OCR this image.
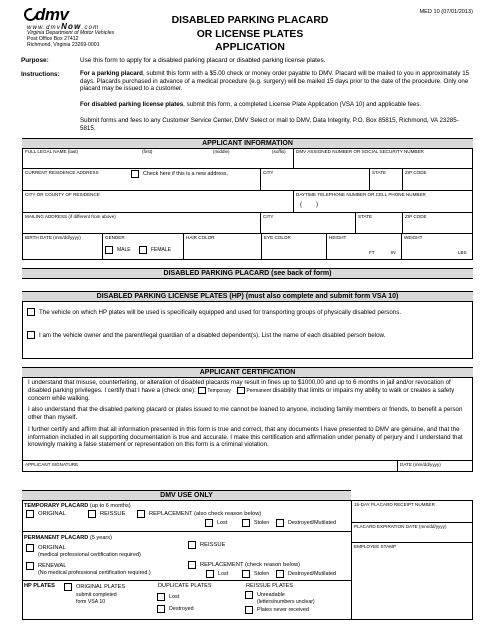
dmv
www.dmvNow.com
Virginia Department of Motor Vehicles
Post Office Box 27412
Richmond, Virginia 23269-0001
MED 10 (07/01/2013)
DISABLED PARKING PLACARD
OR LICENSE PLATES
APPLICATION
Purpose:	Use this form to apply for a disabled parking placard or disabled parking license plates.
Instructions:	For a parking placard, submit this form with a $5.00 check or money order payable to DMV. Placard will be mailed to you in approximately 15 days. Placards purchased in advance of a medical procedure (e.g. surgery) will be mailed 15 days prior to the date of the procedure. Only one placard may be issued to a customer.
For disabled parking license plates, submit this form, a completed License Plate Application (VSA 10) and applicable fees.
Submit forms and fees to any Customer Service Center, DMV Select or mail to DMV, Data Integrity, P.O. Box 85815, Richmond, VA 23285-5815.
APPLICANT INFORMATION
FULL LEGAL NAME (last)	(first)	(middle)	(suffix) DMV ASSIGNED NUMBER OR SOCIAL SECURITY NUMBER
CURRENT RESIDENCE ADDRESS	Check here if this is a new address.	CITY	STATE	ZIP CODE
CITY OR COUNTY OF RESIDENCE	DAYTIME TELEPHONE NUMBER OR CELL PHONE NUMBER
( )
MAILING ADDRESS (if different from above)	CITY	STATE	ZIP CODE
BIRTH DATE (mm/dd/yyyy)	GENDER
MALE	FEMALE
HAIR COLOR	EYE COLOR	HEIGHT
FT	IN
WEIGHT
LBS
DISABLED PARKING PLACARD (see back of form)
DISABLED PARKING LICENSE PLATES (HP) (must also complete and submit form VSA 10)
The vehicle on which HP plates will be used is specifically equipped and used for transporting groups of physically disabled persons.
I am the vehicle owner and the parent/legal guardian of a disabled dependent(s). List the name of each disabled person below.
APPLICANT CERTIFICATION
I understand that misuse, counterfeiting, or alteration of disabled placards may result in fines up to $1000.00 and up to 6 months in jail and/or revocation of disabled parking privileges. I certify that I have a (check one): Temporary	Permanent disability that limits or impairs my ability to walk or creates a safety concern while walking.
I also understand that the disabled parking placard or plates issued to me cannot be loaned to anyone, including family members or friends, to benefit a person other than myself.
I further certify and affirm that all information presented in this form is true and correct, that any documents I have presented to DMV are genuine, and that the information included in all supporting documentation is true and accurate. I make this certification and affirmation under penalty of perjury and I understand that knowingly making a false statement or representation on this form is a criminal violation.
APPLICANT SIGNATURE	DATE (mm/dd/yyyy)
DMV USE ONLY
15-DAY PLACARD RECEIPT NUMBER
PLACARD EXPIRATION DATE (mm/dd/yyyy)
EMPLOYEE STAMP
TEMPORARY PLACARD (up to 6 months)
ORIGINAL	REISSUE	REPLACEMENT (also check reason below)
Lost	Stolen	Destroyed/Mutilated
PERMANENT PLACARD (5 years)
ORIGINAL
(medical professional certification required)
REISSUE
RENEWAL
(No medical professional certification required.)
REPLACEMENT (check reason below)
Lost	Stolen	Destroyed/Mutilated
HP PLATES	ORIGINAL PLATES
submit completed
form VSA 10
DUPLICATE PLATES
Lost
Destroyed
REISSUE PLATES
Unreadable
(letters/numbers unclear)
Plates never received
